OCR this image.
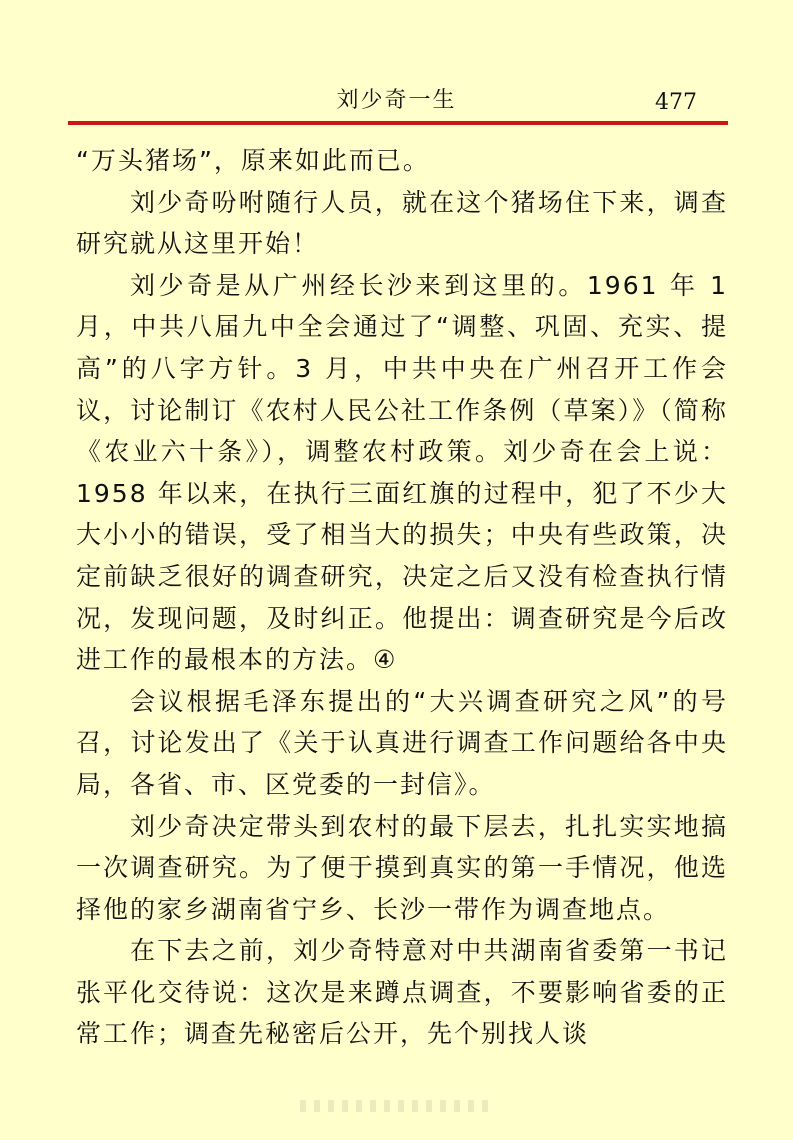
刘少奇一生	477

“万头猪场”，原来如此而已。

刘少奇吩咐随行人员，就在这个猪场住下来，调查研究就从这里开始！

刘少奇是从广州经长沙来到这里的。1961 年 1 月，中共八届九中全会通过了“调整、巩固、充实、提高”的八字方针。3 月，中共中央在广州召开工作会议，讨论制订《农村人民公社工作条例（草案）》（简称《农业六十条》），调整农村政策。刘少奇在会上说：1958 年以来，在执行三面红旗的过程中，犯了不少大大小小的错误，受了相当大的损失；中央有些政策，决定前缺乏很好的调查研究，决定之后又没有检查执行情况，发现问题，及时纠正。他提出：调查研究是今后改进工作的最根本的方法。④

会议根据毛泽东提出的“大兴调查研究之风”的号召，讨论发出了《关于认真进行调查工作问题给各中央局，各省、市、区党委的一封信》。

刘少奇决定带头到农村的最下层去，扎扎实实地搞一次调查研究。为了便于摸到真实的第一手情况，他选择他的家乡湖南省宁乡、长沙一带作为调查地点。

在下去之前，刘少奇特意对中共湖南省委第一书记张平化交待说：这次是来蹲点调查，不要影响省委的正常工作；调查先秘密后公开，先个别找人谈
